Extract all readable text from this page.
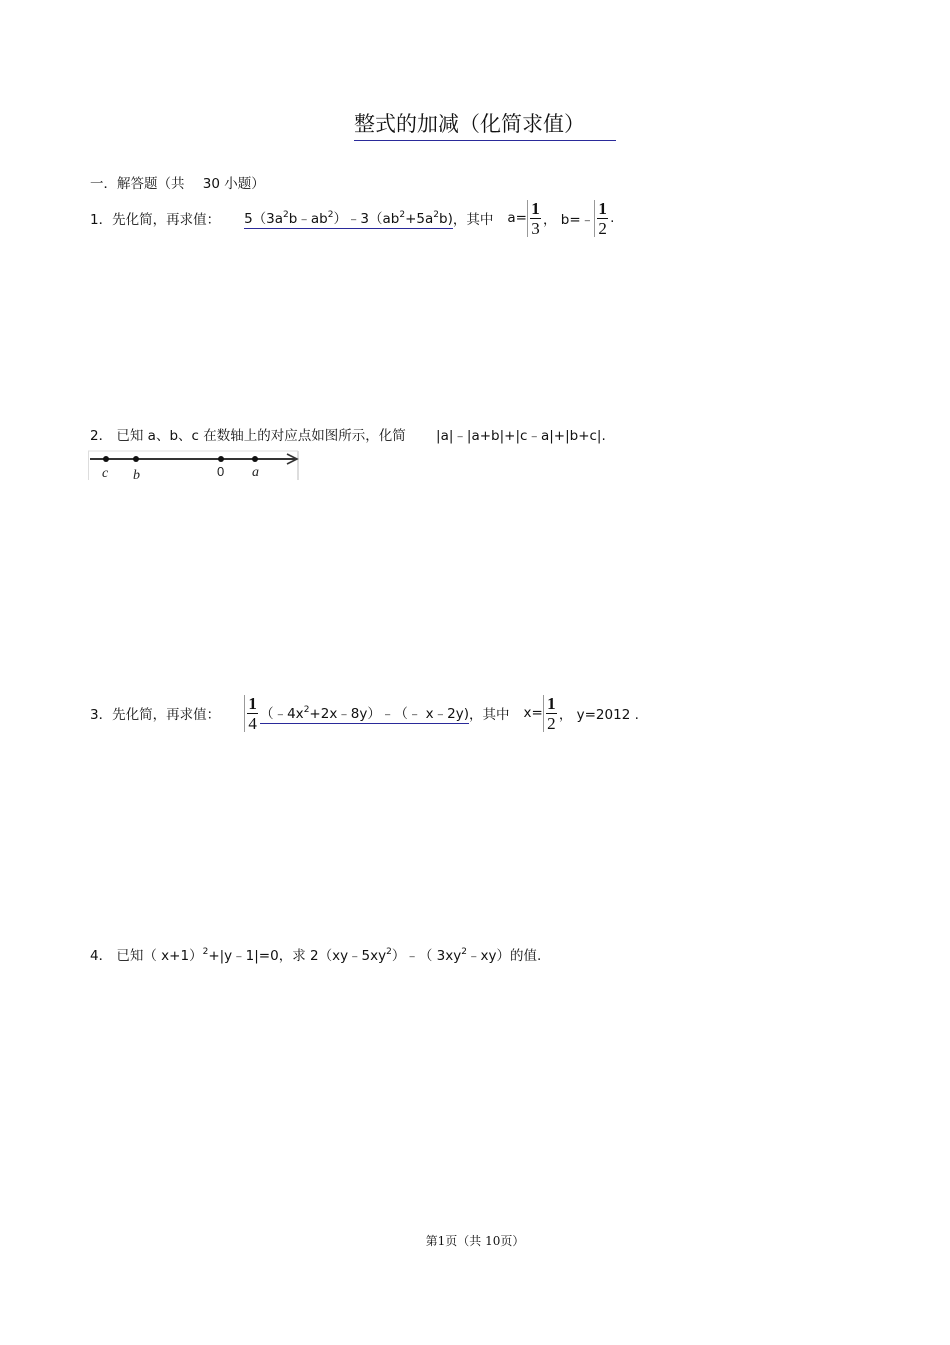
整式的加减（化简求值）
一．解答题（共 30 小题）
1． 先化简，再求值： $5(3a^2b﹣ab^2)﹣3(ab^2+5a^2b)$ ，其中 $a= \frac{1}{3}$ ， b=﹣ $\frac{1}{2}$ .
2． 已知 a、b、c 在数轴上的对应点如图所示，化简 |a|﹣|a+b|+|c﹣a|+|b+c|.
c b	0 a
3． 先化简，再求值： $\frac{1}{4}$ $(﹣4x^2+2x﹣8y)﹣(﹣$ x﹣2y) ，其中 $x= \frac{1}{2}$ ， y=2012 .
4． 已知（ x+1）$^2$+|y﹣1|=0，求 $2(xy﹣5xy^2)﹣$（ $3xy^2﹣xy$）的值.
第1页（共 10页）
